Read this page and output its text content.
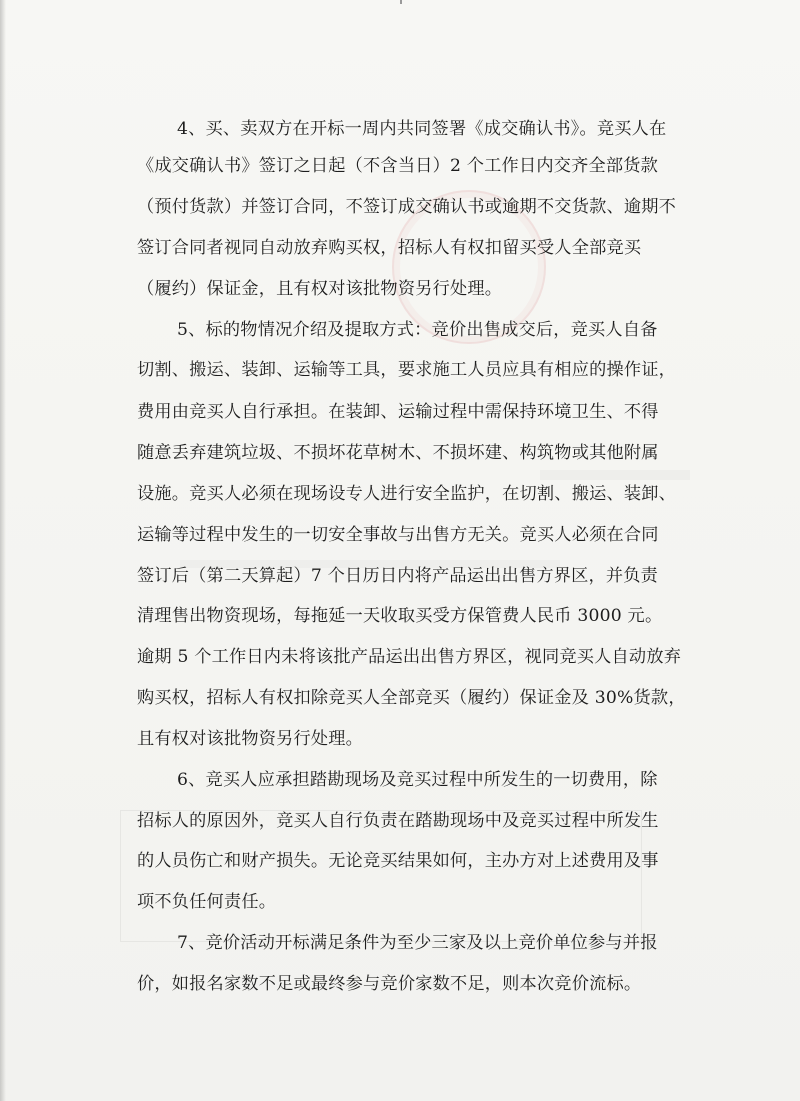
4、买、卖双方在开标一周内共同签署《成交确认书》。竞买人在
《成交确认书》签订之日起（不含当日）2 个工作日内交齐全部货款
（预付货款）并签订合同，不签订成交确认书或逾期不交货款、逾期不
签订合同者视同自动放弃购买权，招标人有权扣留买受人全部竞买
（履约）保证金，且有权对该批物资另行处理。
5、标的物情况介绍及提取方式：竞价出售成交后，竞买人自备
切割、搬运、装卸、运输等工具，要求施工人员应具有相应的操作证，
费用由竞买人自行承担。在装卸、运输过程中需保持环境卫生、不得
随意丢弃建筑垃圾、不损坏花草树木、不损坏建、构筑物或其他附属
设施。竞买人必须在现场设专人进行安全监护，在切割、搬运、装卸、
运输等过程中发生的一切安全事故与出售方无关。竞买人必须在合同
签订后（第二天算起）7 个日历日内将产品运出出售方界区，并负责
清理售出物资现场，每拖延一天收取买受方保管费人民币 3000 元。
逾期 5 个工作日内未将该批产品运出出售方界区，视同竞买人自动放弃
购买权，招标人有权扣除竞买人全部竞买（履约）保证金及 30%货款，
且有权对该批物资另行处理。
6、竞买人应承担踏勘现场及竞买过程中所发生的一切费用，除
招标人的原因外，竞买人自行负责在踏勘现场中及竞买过程中所发生
的人员伤亡和财产损失。无论竞买结果如何，主办方对上述费用及事
项不负任何责任。
7、竞价活动开标满足条件为至少三家及以上竞价单位参与并报
价，如报名家数不足或最终参与竞价家数不足，则本次竞价流标。
